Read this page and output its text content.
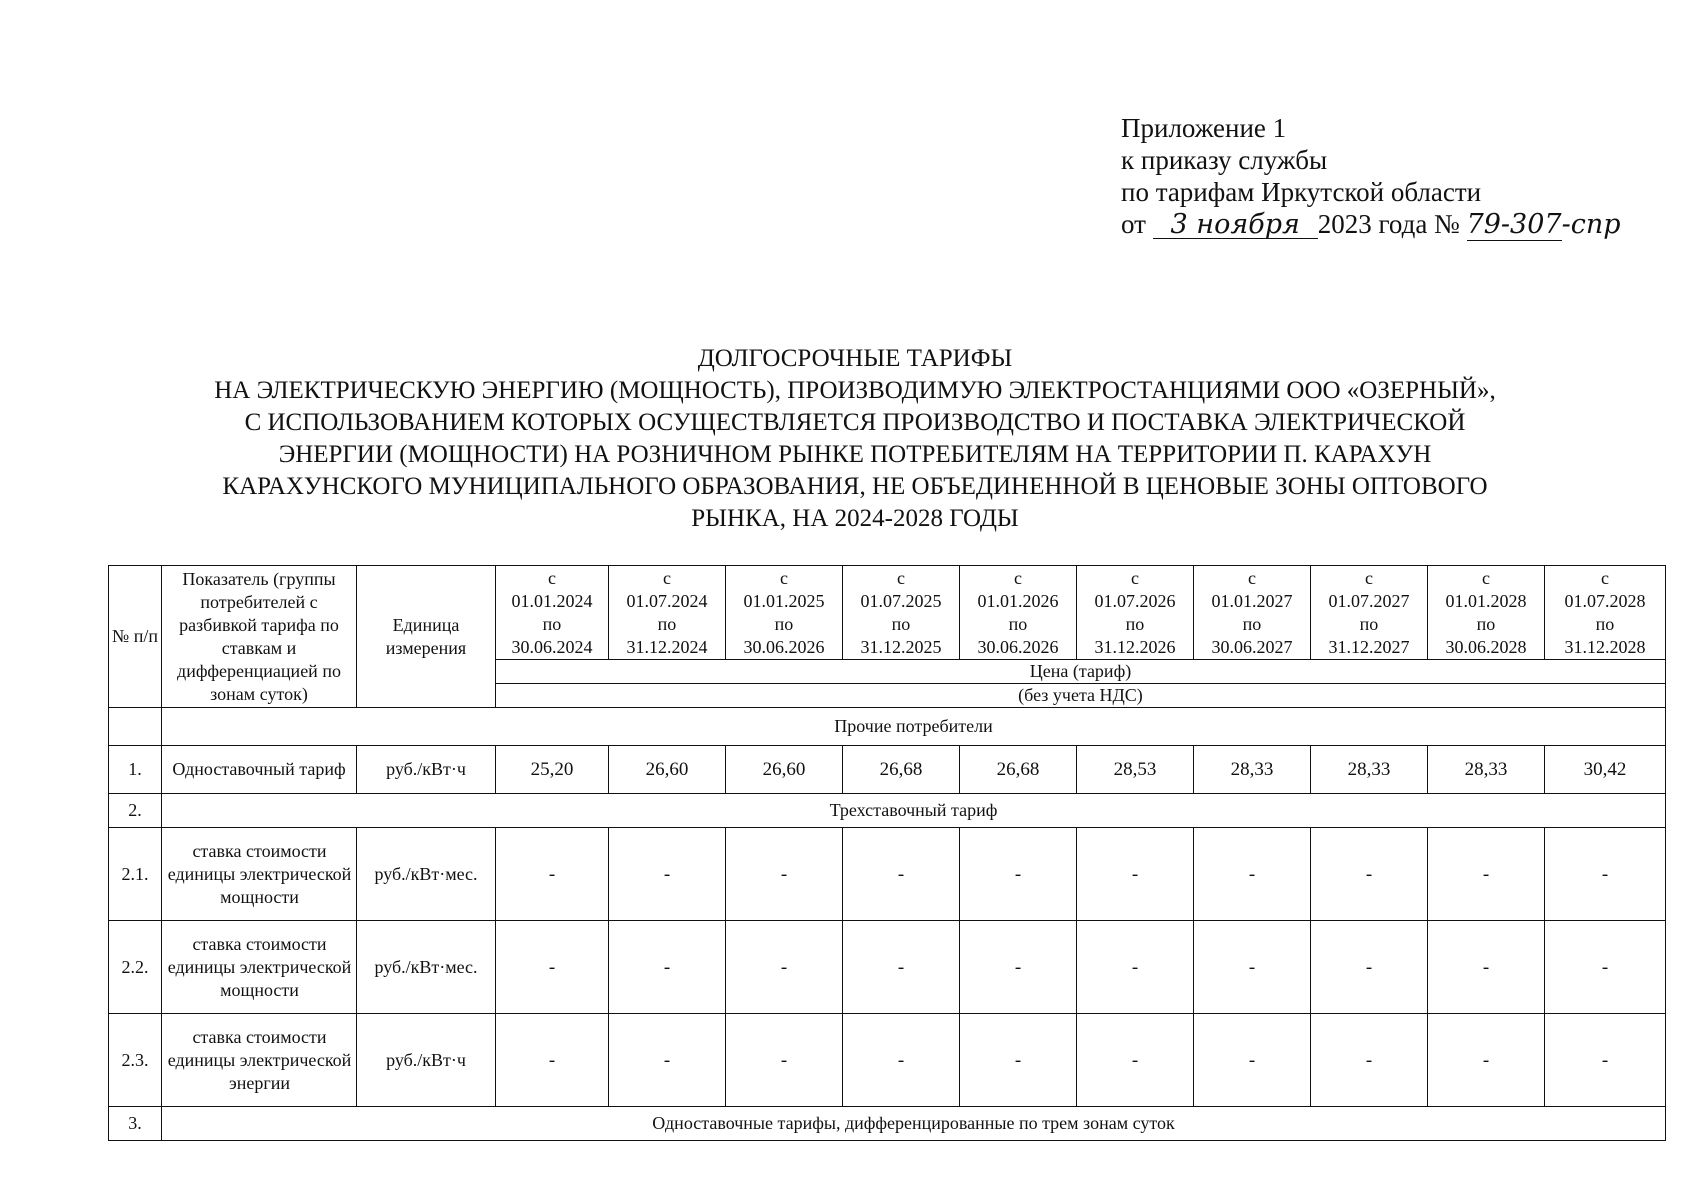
Приложение 1
к приказу службы
по тарифам Иркутской области
от 3 ноября 2023 года № 79-307-спр
ДОЛГОСРОЧНЫЕ ТАРИФЫ
НА ЭЛЕКТРИЧЕСКУЮ ЭНЕРГИЮ (МОЩНОСТЬ), ПРОИЗВОДИМУЮ ЭЛЕКТРОСТАНЦИЯМИ ООО «ОЗЕРНЫЙ»,
С ИСПОЛЬЗОВАНИЕМ КОТОРЫХ ОСУЩЕСТВЛЯЕТСЯ ПРОИЗВОДСТВО И ПОСТАВКА ЭЛЕКТРИЧЕСКОЙ
ЭНЕРГИИ (МОЩНОСТИ) НА РОЗНИЧНОМ РЫНКЕ ПОТРЕБИТЕЛЯМ НА ТЕРРИТОРИИ П. КАРАХУН
КАРАХУНСКОГО МУНИЦИПАЛЬНОГО ОБРАЗОВАНИЯ, НЕ ОБЪЕДИНЕННОЙ В ЦЕНОВЫЕ ЗОНЫ ОПТОВОГО
РЫНКА, НА 2024-2028 ГОДЫ
№ п/п	Показатель (группы потребителей с разбивкой тарифа по ставкам и дифференциацией по зонам суток)	Единица измерения	с
01.01.2024
по
30.06.2024	с
01.07.2024
по
31.12.2024	с
01.01.2025
по
30.06.2026	с
01.07.2025
по
31.12.2025	с
01.01.2026
по
30.06.2026	с
01.07.2026
по
31.12.2026	с
01.01.2027
по
30.06.2027	с
01.07.2027
по
31.12.2027	с
01.01.2028
по
30.06.2028	с
01.07.2028
по
31.12.2028

			Цена (тариф)									
			(без учета НДС)									
	Прочие потребители											
1.	Одноставочный тариф	руб./кВт·ч	25,20	26,60	26,60	26,68	26,68	28,53	28,33	28,33	28,33	30,42
2.	Трехставочный тариф											
2.1.	ставка стоимости единицы электрической мощности	руб./кВт·мес.	-	-	-	-	-	-	-	-	-	-
2.2.	ставка стоимости единицы электрической мощности	руб./кВт·мес.	-	-	-	-	-	-	-	-	-	-
2.3.	ставка стоимости единицы электрической энергии	руб./кВт·ч	-	-	-	-	-	-	-	-	-	-
3.	Одноставочные тарифы, дифференцированные по трем зонам суток											
